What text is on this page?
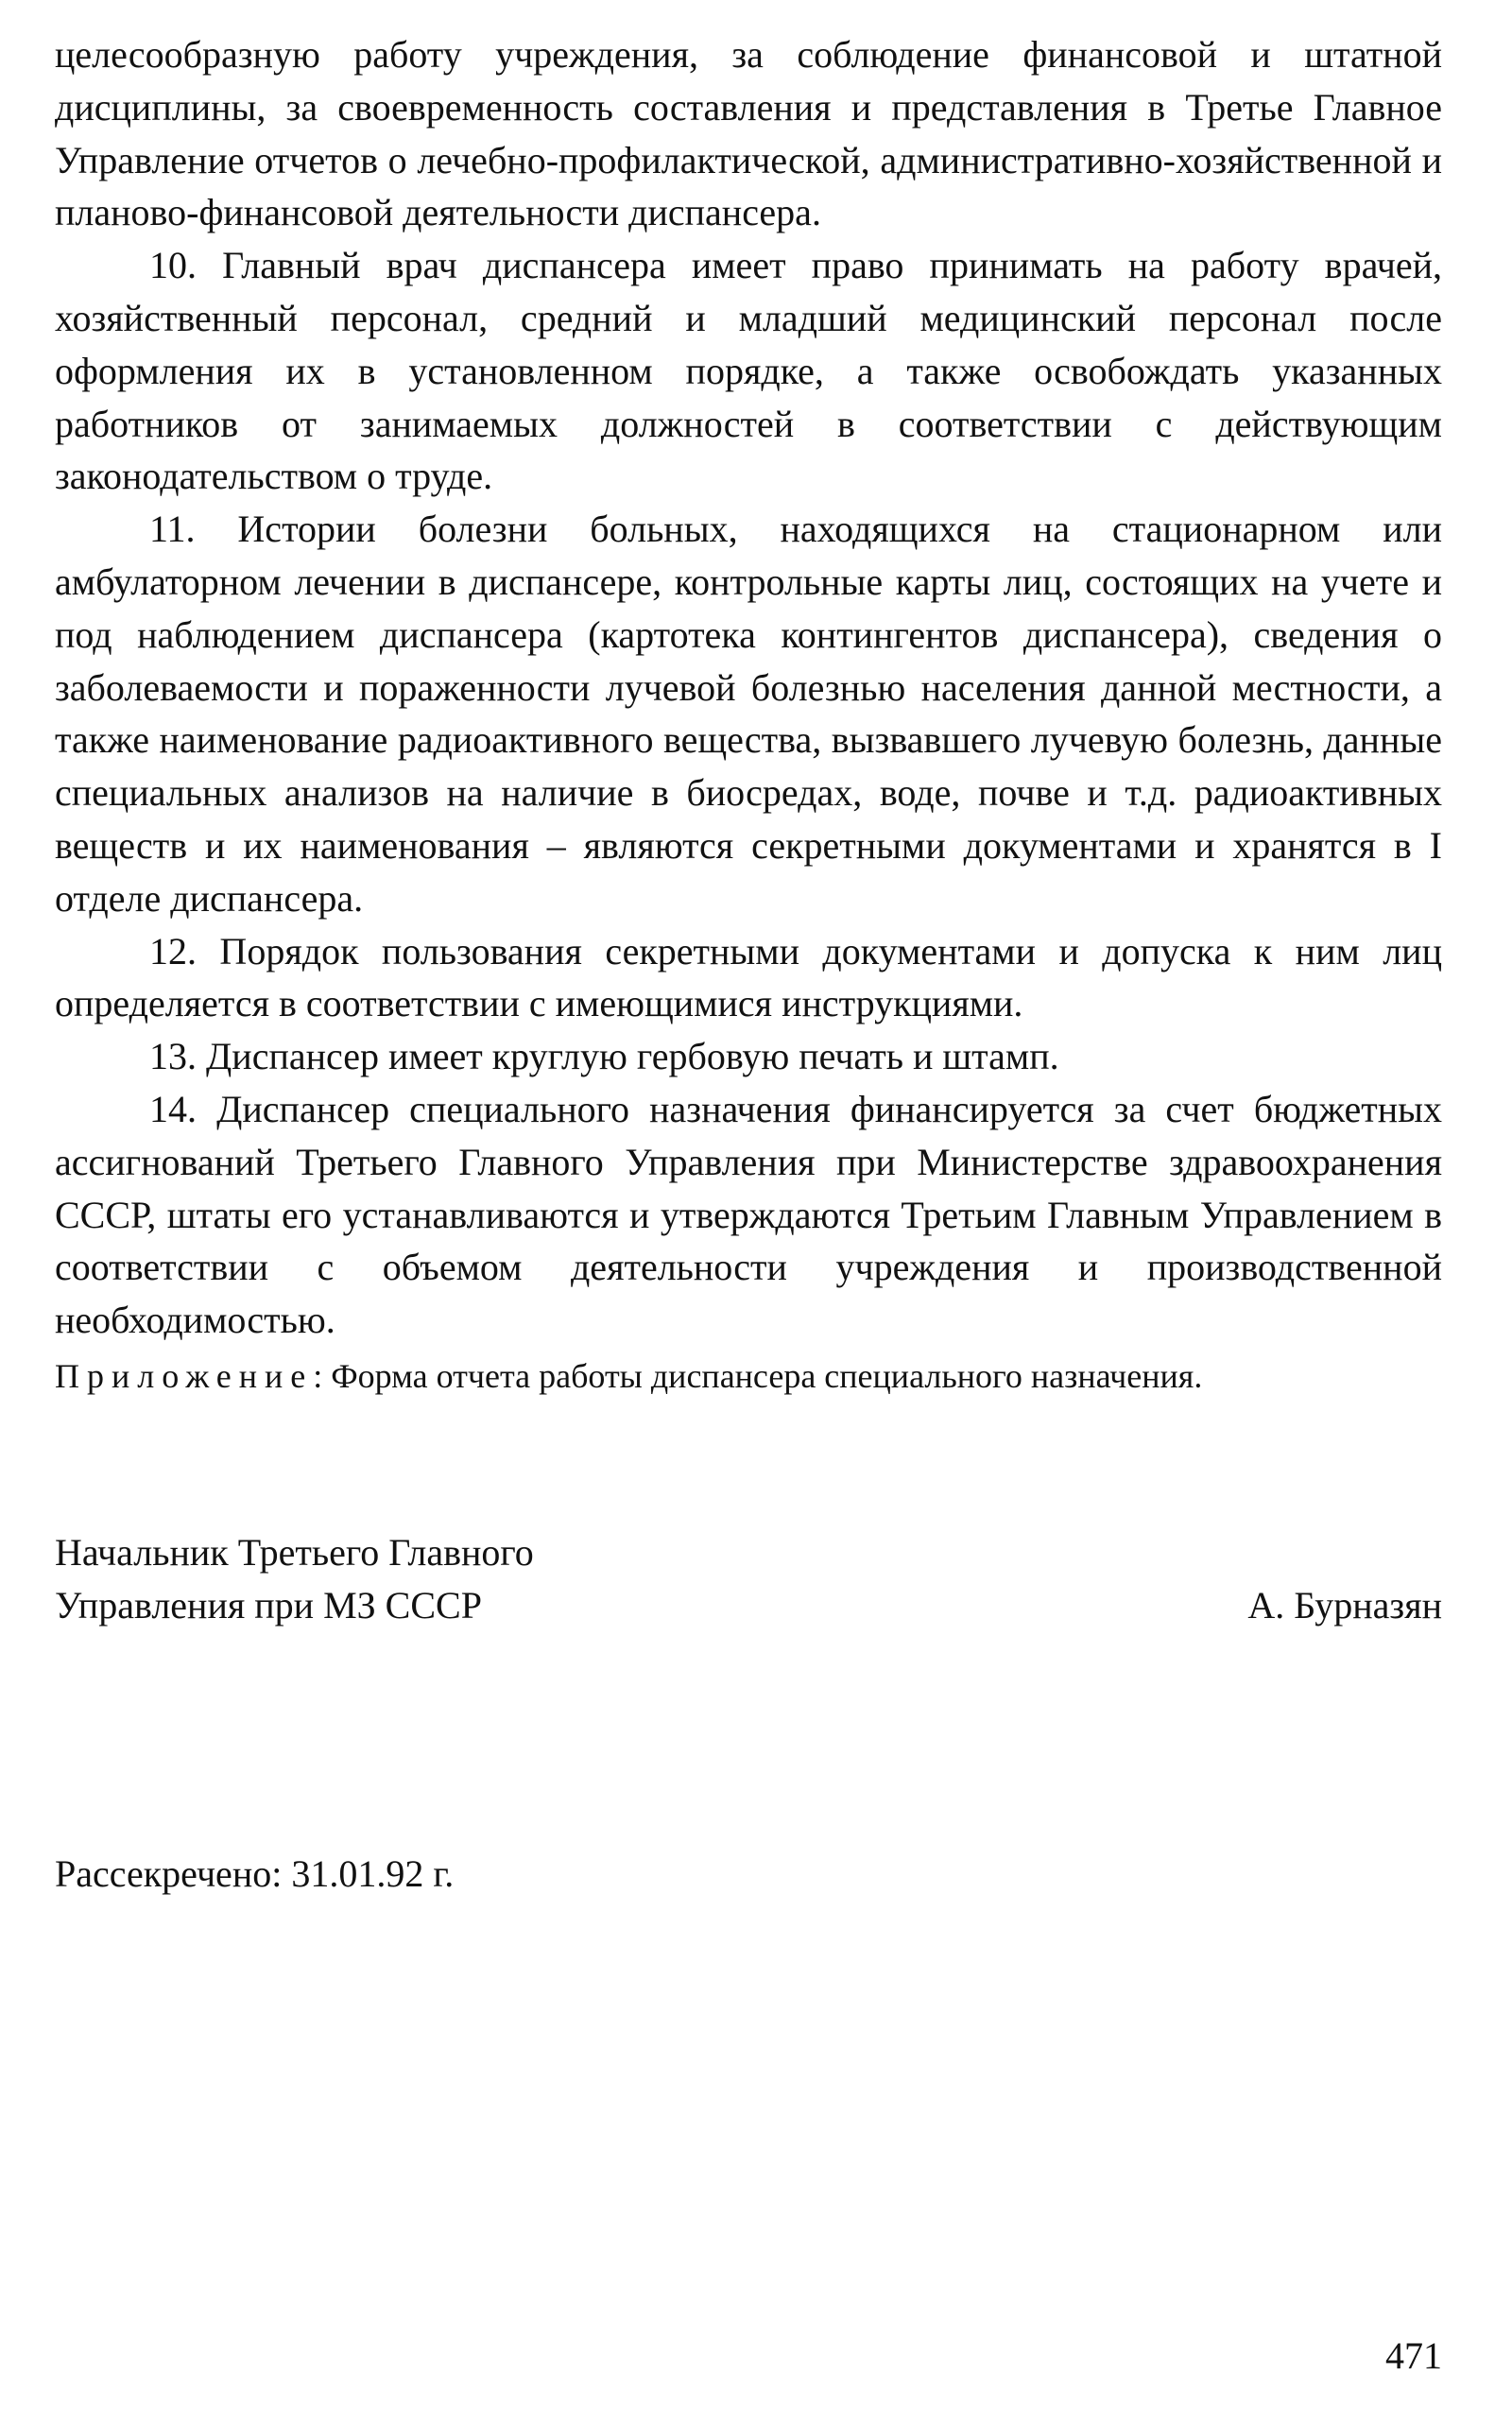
целесообразную работу учреждения, за соблюдение финансовой и штатной дисциплины, за своевременность составления и представления в Третье Главное Управление отчетов о лечебно-профилактической, административно-хозяйственной и планово-финансовой деятельности диспансера.

10. Главный врач диспансера имеет право принимать на работу врачей, хозяйственный персонал, средний и младший медицинский персонал после оформления их в установленном порядке, а также освобождать указанных работников от занимаемых должностей в соответствии с действующим законодательством о труде.

11. Истории болезни больных, находящихся на стационарном или амбулаторном лечении в диспансере, контрольные карты лиц, состоящих на учете и под наблюдением диспансера (картотека контингентов диспансера), сведения о заболеваемости и пораженности лучевой болезнью населения данной местности, а также наименование радиоактивного вещества, вызвавшего лучевую болезнь, данные специальных анализов на наличие в биосредах, воде, почве и т.д. радиоактивных веществ и их наименования – являются секретными документами и хранятся в I отделе диспансера.

12. Порядок пользования секретными документами и допуска к ним лиц определяется в соответствии с имеющимися инструкциями.

13. Диспансер имеет круглую гербовую печать и штамп.

14. Диспансер специального назначения финансируется за счет бюджетных ассигнований Третьего Главного Управления при Министерстве здравоохранения СССР, штаты его устанавливаются и утверждаются Третьим Главным Управлением в соответствии с объемом деятельности учреждения и производственной необходимостью.

Приложение: Форма отчета работы диспансера специального назначения.
Начальник Третьего Главного
Управления при МЗ СССР	А. Бурназян
Рассекречено: 31.01.92 г.
471
